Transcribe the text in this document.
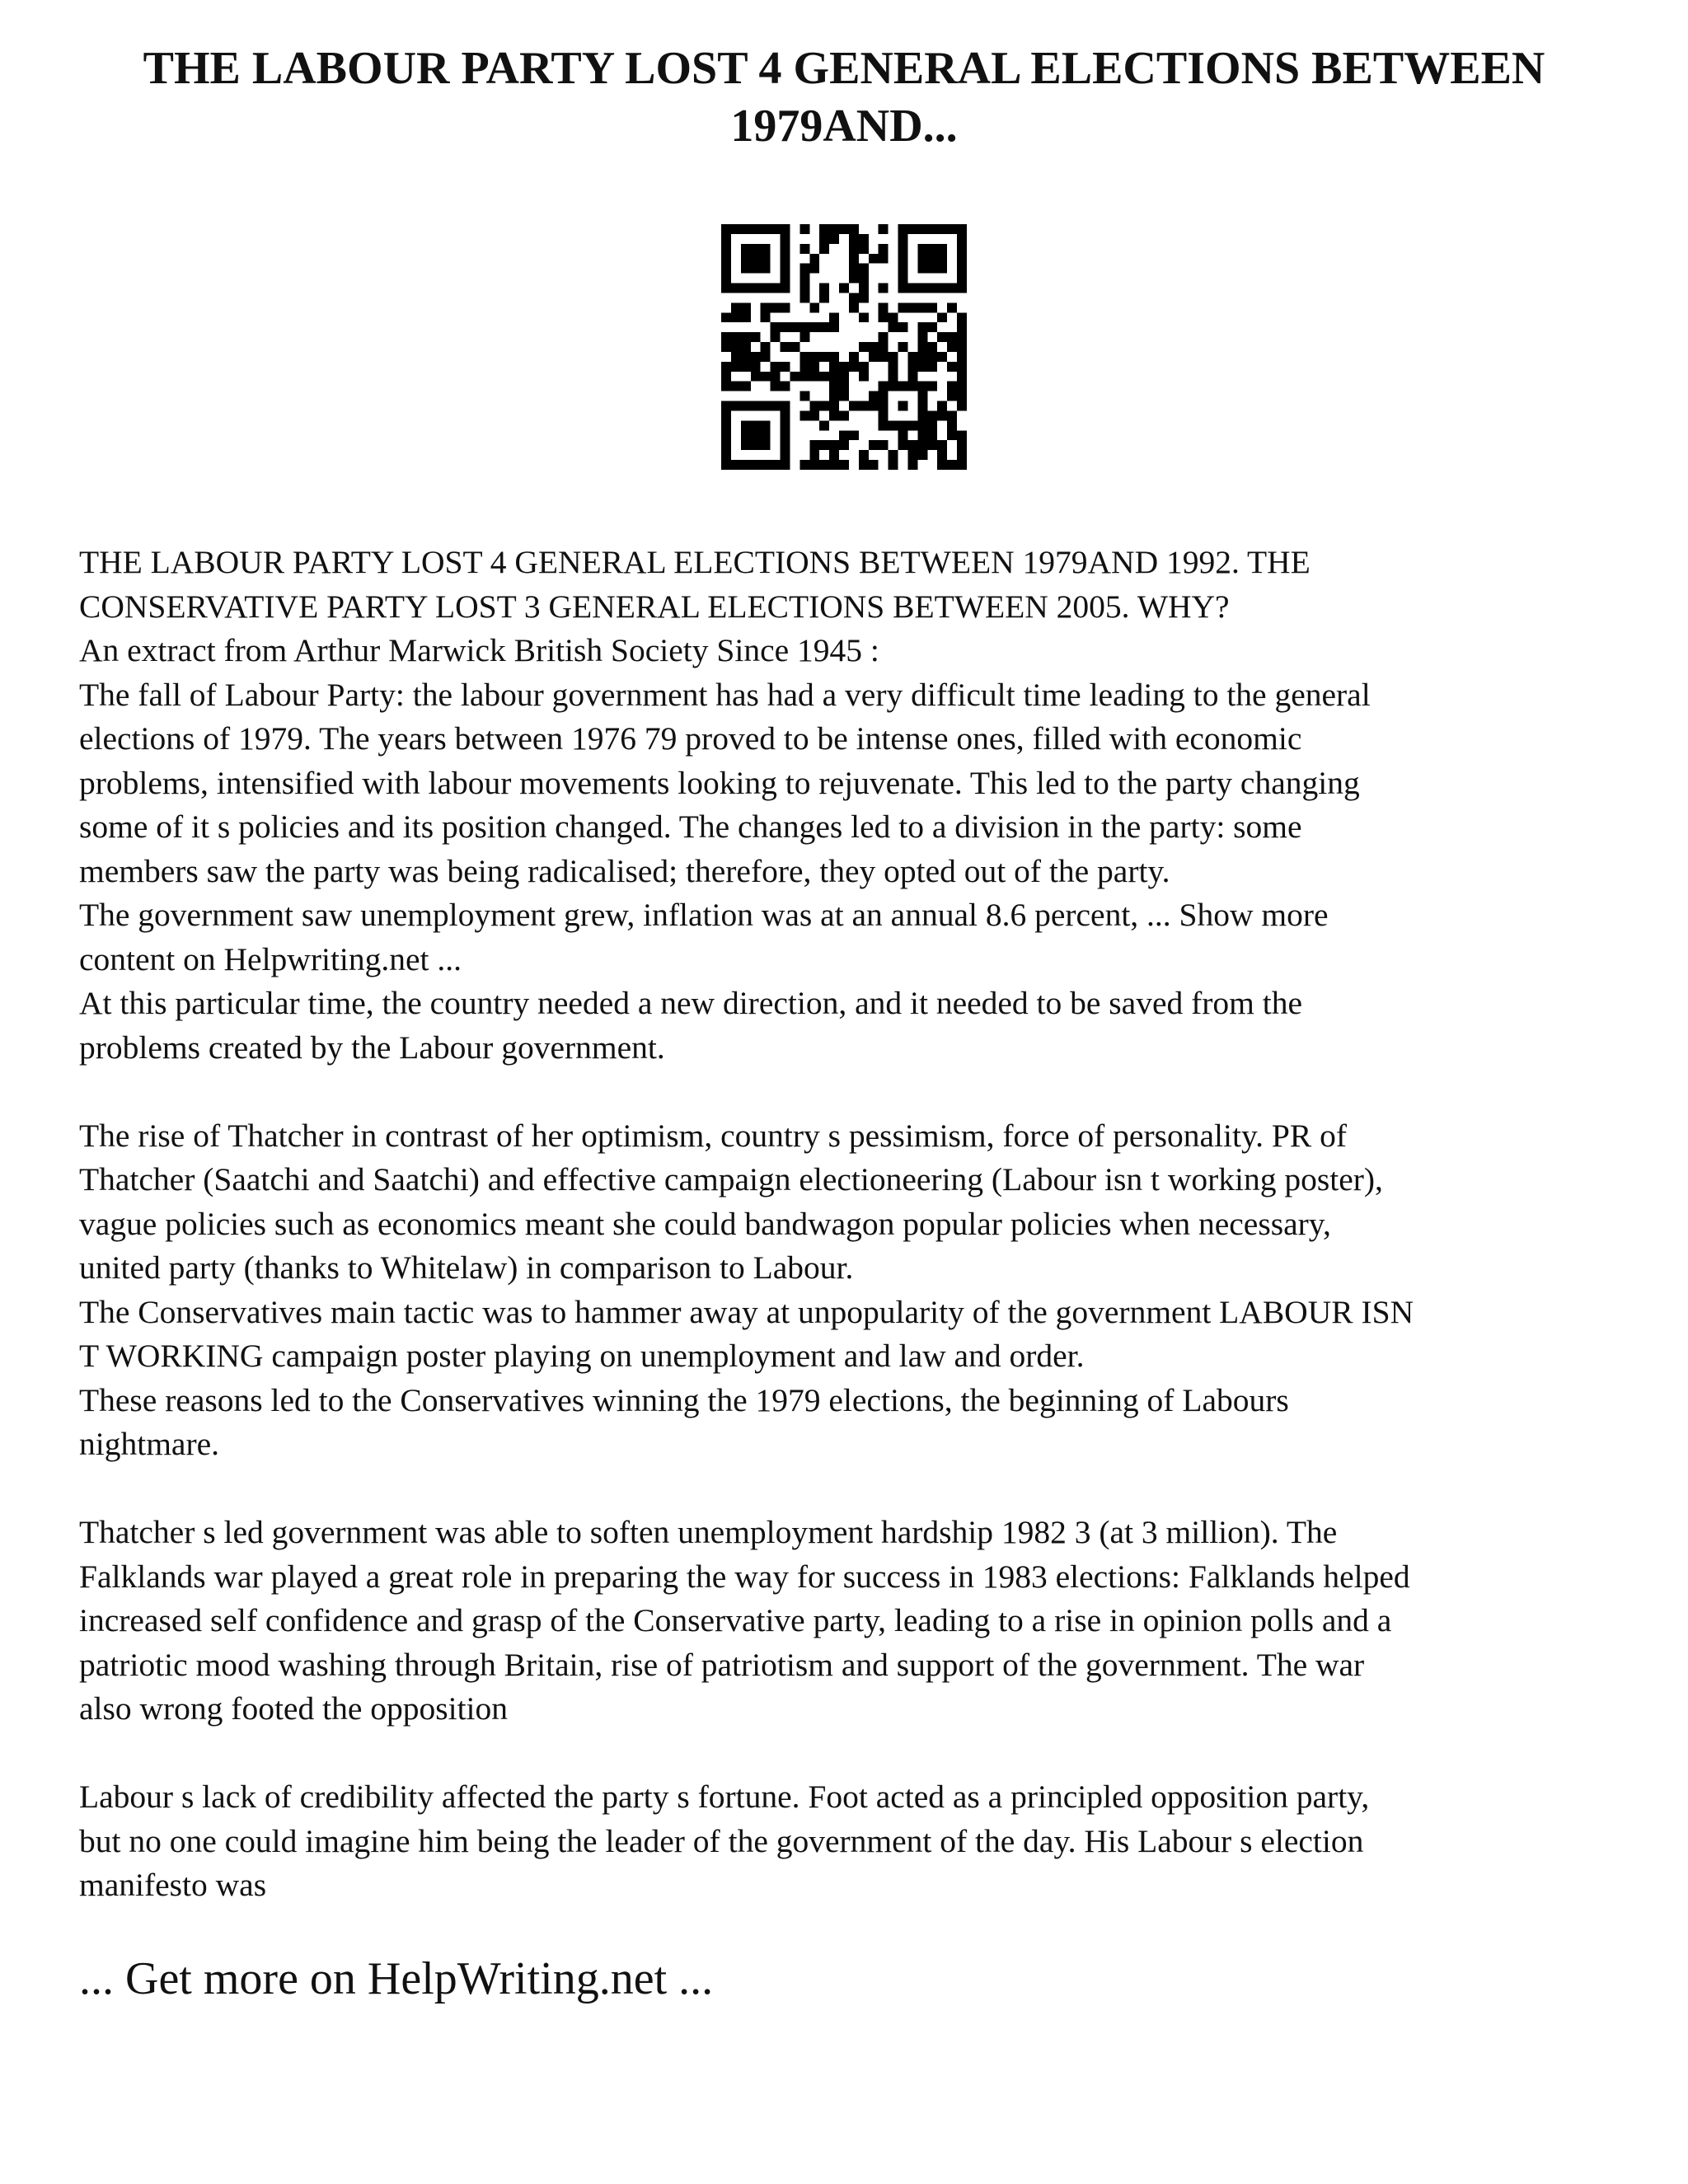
THE LABOUR PARTY LOST 4 GENERAL ELECTIONS BETWEEN
1979AND...
THE LABOUR PARTY LOST 4 GENERAL ELECTIONS BETWEEN 1979AND 1992. THE
CONSERVATIVE PARTY LOST 3 GENERAL ELECTIONS BETWEEN 2005. WHY?
An extract from Arthur Marwick British Society Since 1945 :
The fall of Labour Party: the labour government has had a very difficult time leading to the general
elections of 1979. The years between 1976 79 proved to be intense ones, filled with economic
problems, intensified with labour movements looking to rejuvenate. This led to the party changing
some of it s policies and its position changed. The changes led to a division in the party: some
members saw the party was being radicalised; therefore, they opted out of the party.
The government saw unemployment grew, inflation was at an annual 8.6 percent, ... Show more
content on Helpwriting.net ...
At this particular time, the country needed a new direction, and it needed to be saved from the
problems created by the Labour government.
The rise of Thatcher in contrast of her optimism, country s pessimism, force of personality. PR of
Thatcher (Saatchi and Saatchi) and effective campaign electioneering (Labour isn t working poster),
vague policies such as economics meant she could bandwagon popular policies when necessary,
united party (thanks to Whitelaw) in comparison to Labour.
The Conservatives main tactic was to hammer away at unpopularity of the government LABOUR ISN
T WORKING campaign poster playing on unemployment and law and order.
These reasons led to the Conservatives winning the 1979 elections, the beginning of Labours
nightmare.
Thatcher s led government was able to soften unemployment hardship 1982 3 (at 3 million). The
Falklands war played a great role in preparing the way for success in 1983 elections: Falklands helped
increased self confidence and grasp of the Conservative party, leading to a rise in opinion polls and a
patriotic mood washing through Britain, rise of patriotism and support of the government. The war
also wrong footed the opposition
Labour s lack of credibility affected the party s fortune. Foot acted as a principled opposition party,
but no one could imagine him being the leader of the government of the day. His Labour s election
manifesto was
... Get more on HelpWriting.net ...
